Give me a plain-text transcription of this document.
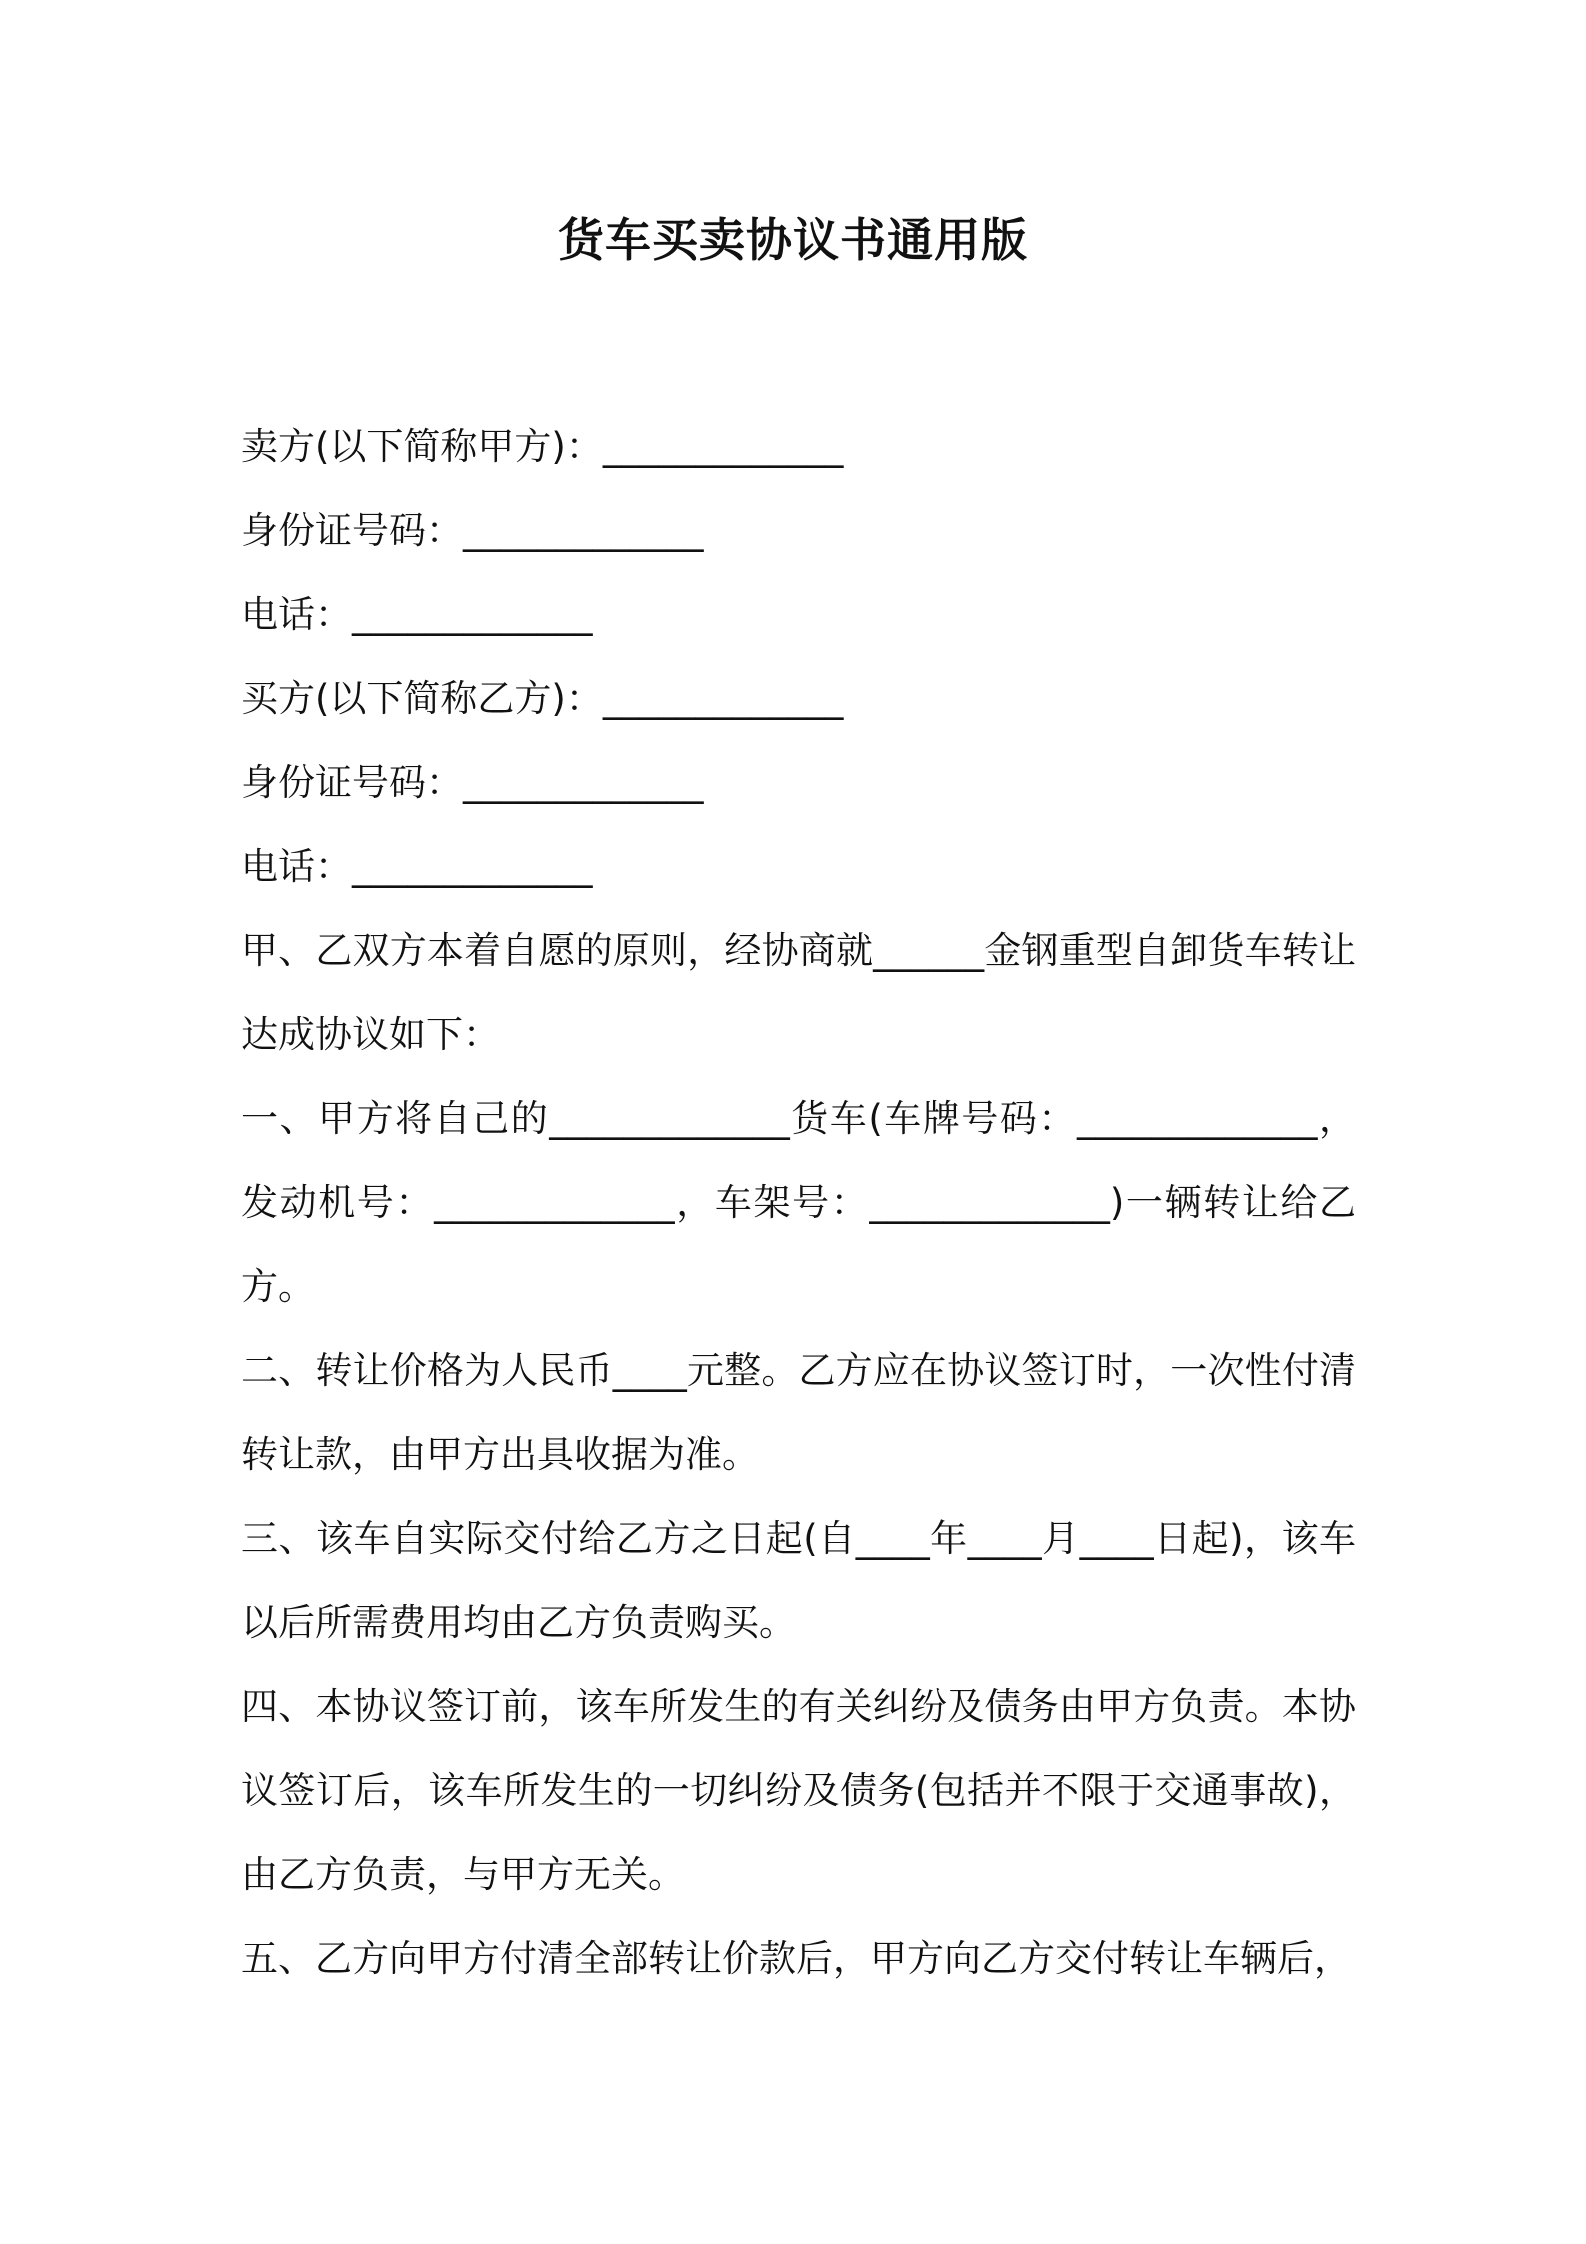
货车买卖协议书通用版
卖方(以下简称甲方)：_____________
身份证号码：_____________
电话：_____________
买方(以下简称乙方)：_____________
身份证号码：_____________
电话：_____________
甲、乙双方本着自愿的原则，经协商就______金钢重型自卸货车转让达成协议如下：
一、甲方将自己的_____________货车(车牌号码：_____________，发动机号：_____________，车架号：_____________)一辆转让给乙方。
二、转让价格为人民币____元整。乙方应在协议签订时，一次性付清转让款，由甲方出具收据为准。
三、该车自实际交付给乙方之日起(自____年____月____日起)，该车以后所需费用均由乙方负责购买。
四、本协议签订前，该车所发生的有关纠纷及债务由甲方负责。本协议签订后，该车所发生的一切纠纷及债务(包括并不限于交通事故)，由乙方负责，与甲方无关。
五、乙方向甲方付清全部转让价款后，甲方向乙方交付转让车辆后，
